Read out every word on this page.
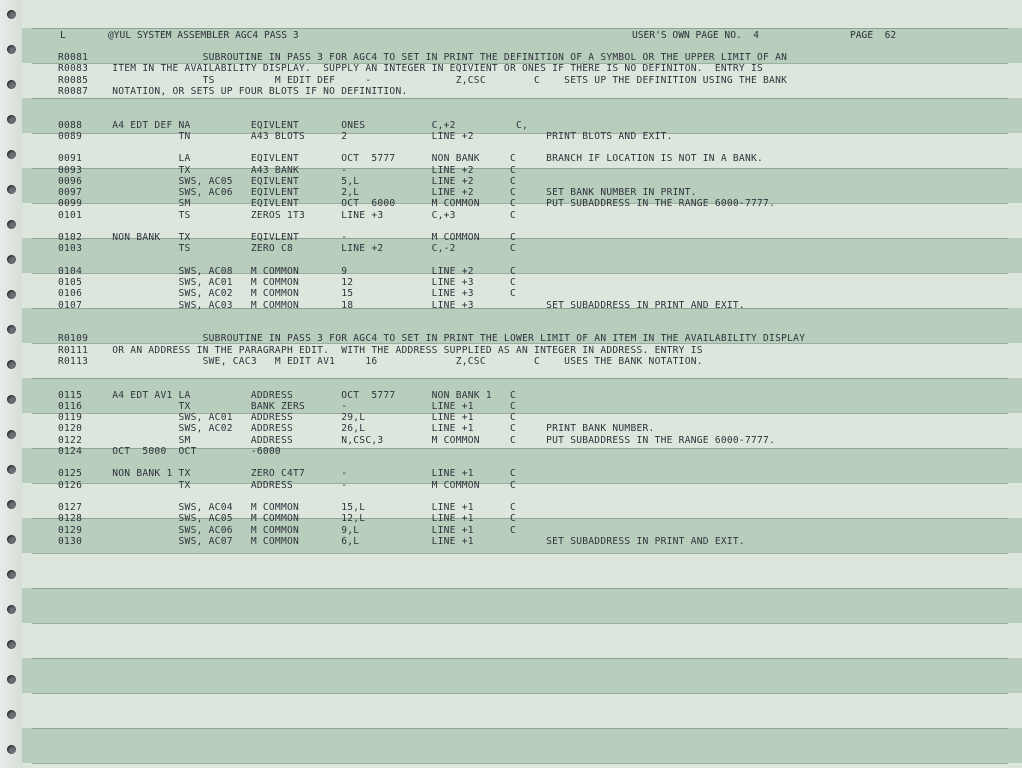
L	@YUL SYSTEM ASSEMBLER AGC4 PASS 3	USER'S OWN PAGE NO.  4	PAGE  62
R0081                   SUBROUTINE IN PASS 3 FOR AGC4 TO SET IN PRINT THE DEFINITION OF A SYMBOL OR THE UPPER LIMIT OF AN
R0083    ITEM IN THE AVAILABILITY DISPLAY.  SUPPLY AN INTEGER IN EQIVIENT OR ONES IF THERE IS NO DEFINITON.  ENTRY IS
R0085                   TS          M EDIT DEF     -              Z,CSC        C    SETS UP THE DEFINITION USING THE BANK
R0087    NOTATION, OR SETS UP FOUR BLOTS IF NO DEFINITION.
0088     A4 EDT DEF NA          EQIVLENT       ONES           C,+2          C,
0089                TN          A43 BLOTS      2              LINE +2            PRINT BLOTS AND EXIT.
0091                LA          EQIVLENT       OCT  5777      NON BANK     C     BRANCH IF LOCATION IS NOT IN A BANK.
0093                TX          A43 BANK       -              LINE +2      C
0096                SWS, AC05   EQIVLENT       5,L            LINE +2      C
0097                SWS, AC06   EQIVLENT       2,L            LINE +2      C     SET BANK NUMBER IN PRINT.
0099                SM          EQIVLENT       OCT  6000      M COMMON     C     PUT SUBADDRESS IN THE RANGE 6000-7777.
0101                TS          ZEROS 1T3      LINE +3        C,+3         C
0102     NON BANK   TX          EQIVLENT       -              M COMMON     C
0103                TS          ZERO C8        LINE +2        C,-2         C
0104                SWS, AC08   M COMMON       9              LINE +2      C
0105                SWS, AC01   M COMMON       12             LINE +3      C
0106                SWS, AC02   M COMMON       15             LINE +3      C
0107                SWS, AC03   M COMMON       18             LINE +3            SET SUBADDRESS IN PRINT AND EXIT.
R0109                   SUBROUTINE IN PASS 3 FOR AGC4 TO SET IN PRINT THE LOWER LIMIT OF AN ITEM IN THE AVAILABILITY DISPLAY
R0111    OR AN ADDRESS IN THE PARAGRAPH EDIT.  WITH THE ADDRESS SUPPLIED AS AN INTEGER IN ADDRESS. ENTRY IS
R0113                   SWE, CAC3   M EDIT AV1     16             Z,CSC        C    USES THE BANK NOTATION.
0115     A4 EDT AV1 LA          ADDRESS        OCT  5777      NON BANK 1   C
0116                TX          BANK ZERS      -              LINE +1      C
0119                SWS, AC01   ADDRESS        29,L           LINE +1      C
0120                SWS, AC02   ADDRESS        26,L           LINE +1      C     PRINT BANK NUMBER.
0122                SM          ADDRESS        N,CSC,3        M COMMON     C     PUT SUBADDRESS IN THE RANGE 6000-7777.
0124     OCT  5000  OCT         -6000
0125     NON BANK 1 TX          ZERO C4T7      -              LINE +1      C
0126                TX          ADDRESS        -              M COMMON     C
0127                SWS, AC04   M COMMON       15,L           LINE +1      C
0128                SWS, AC05   M COMMON       12,L           LINE +1      C
0129                SWS, AC06   M COMMON       9,L            LINE +1      C
0130                SWS, AC07   M COMMON       6,L            LINE +1            SET SUBADDRESS IN PRINT AND EXIT.
